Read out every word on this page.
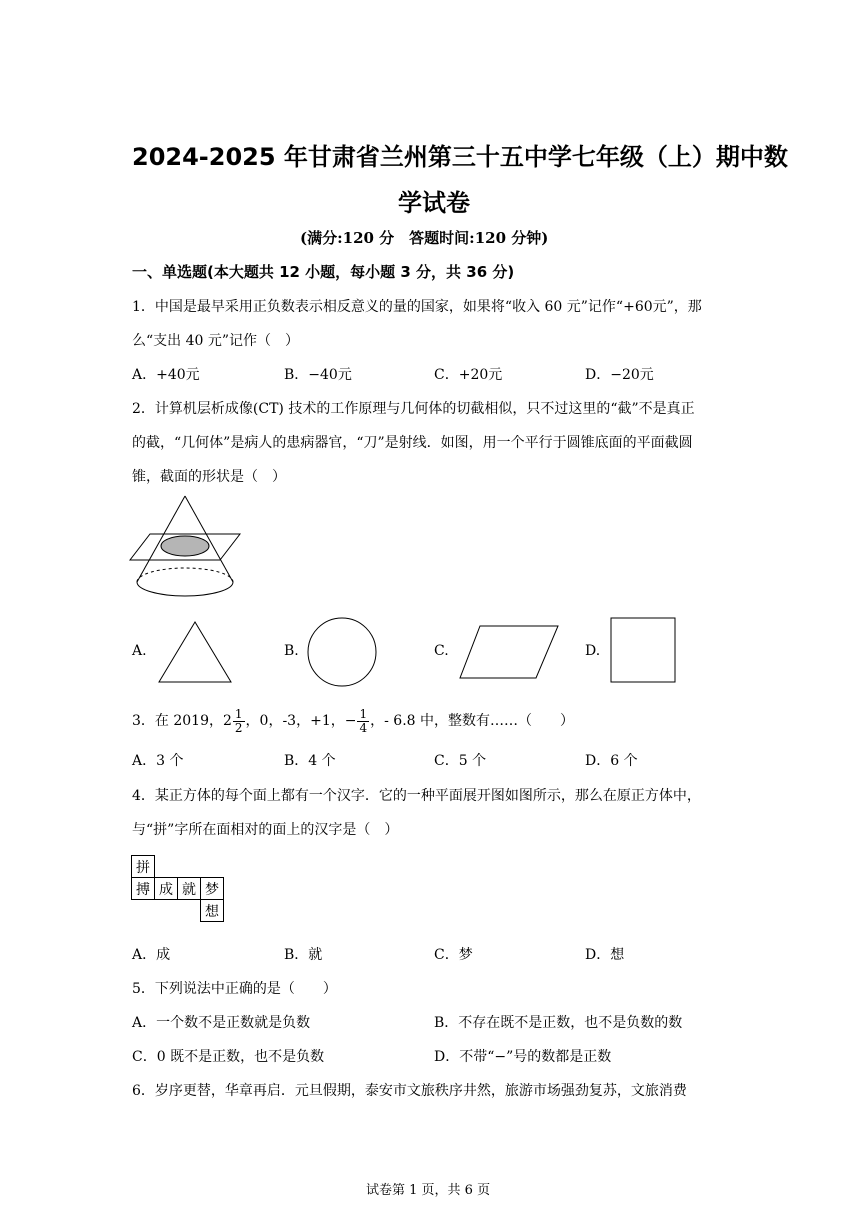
2024-2025 年甘肃省兰州第三十五中学七年级（上）期中数
学试卷
(满分:120 分　答题时间:120 分钟)
一、单选题(本大题共 12 小题，每小题 3 分，共 36 分)
1．中国是最早采用正负数表示相反意义的量的国家，如果将“收入 60 元”记作“+60元”，那
么“支出 40 元”记作（　）
A．+40元	B．−40元	C．+20元	D．−20元
2．计算机层析成像(CT) 技术的工作原理与几何体的切截相似，只不过这里的“截”不是真正
的截，“几何体”是病人的患病器官，“刀”是射线．如图，用一个平行于圆锥底面的平面截圆
锥，截面的形状是（　）
A.	B.	C.	D.
3．在 2019，$2 \frac{1}{2}$ ，0，-3，+1，− $\frac{1}{4}$ ，- 6.8 中，整数有……（　　）
A．3 个	B．4 个	C．5 个	D．6 个
4．某正方体的每个面上都有一个汉字．它的一种平面展开图如图所示，那么在原正方体中，
与“拼”字所在面相对的面上的汉字是（　）
拼			
搏	成	就	梦
			想
A．成	B．就	C．梦	D．想
5．下列说法中正确的是（　　）
A．一个数不是正数就是负数	B．不存在既不是正数，也不是负数的数
C．0 既不是正数，也不是负数	D．不带“−”号的数都是正数
6．岁序更替，华章再启．元旦假期，泰安市文旅秩序井然，旅游市场强劲复苏，文旅消费
试卷第 1 页，共 6 页
